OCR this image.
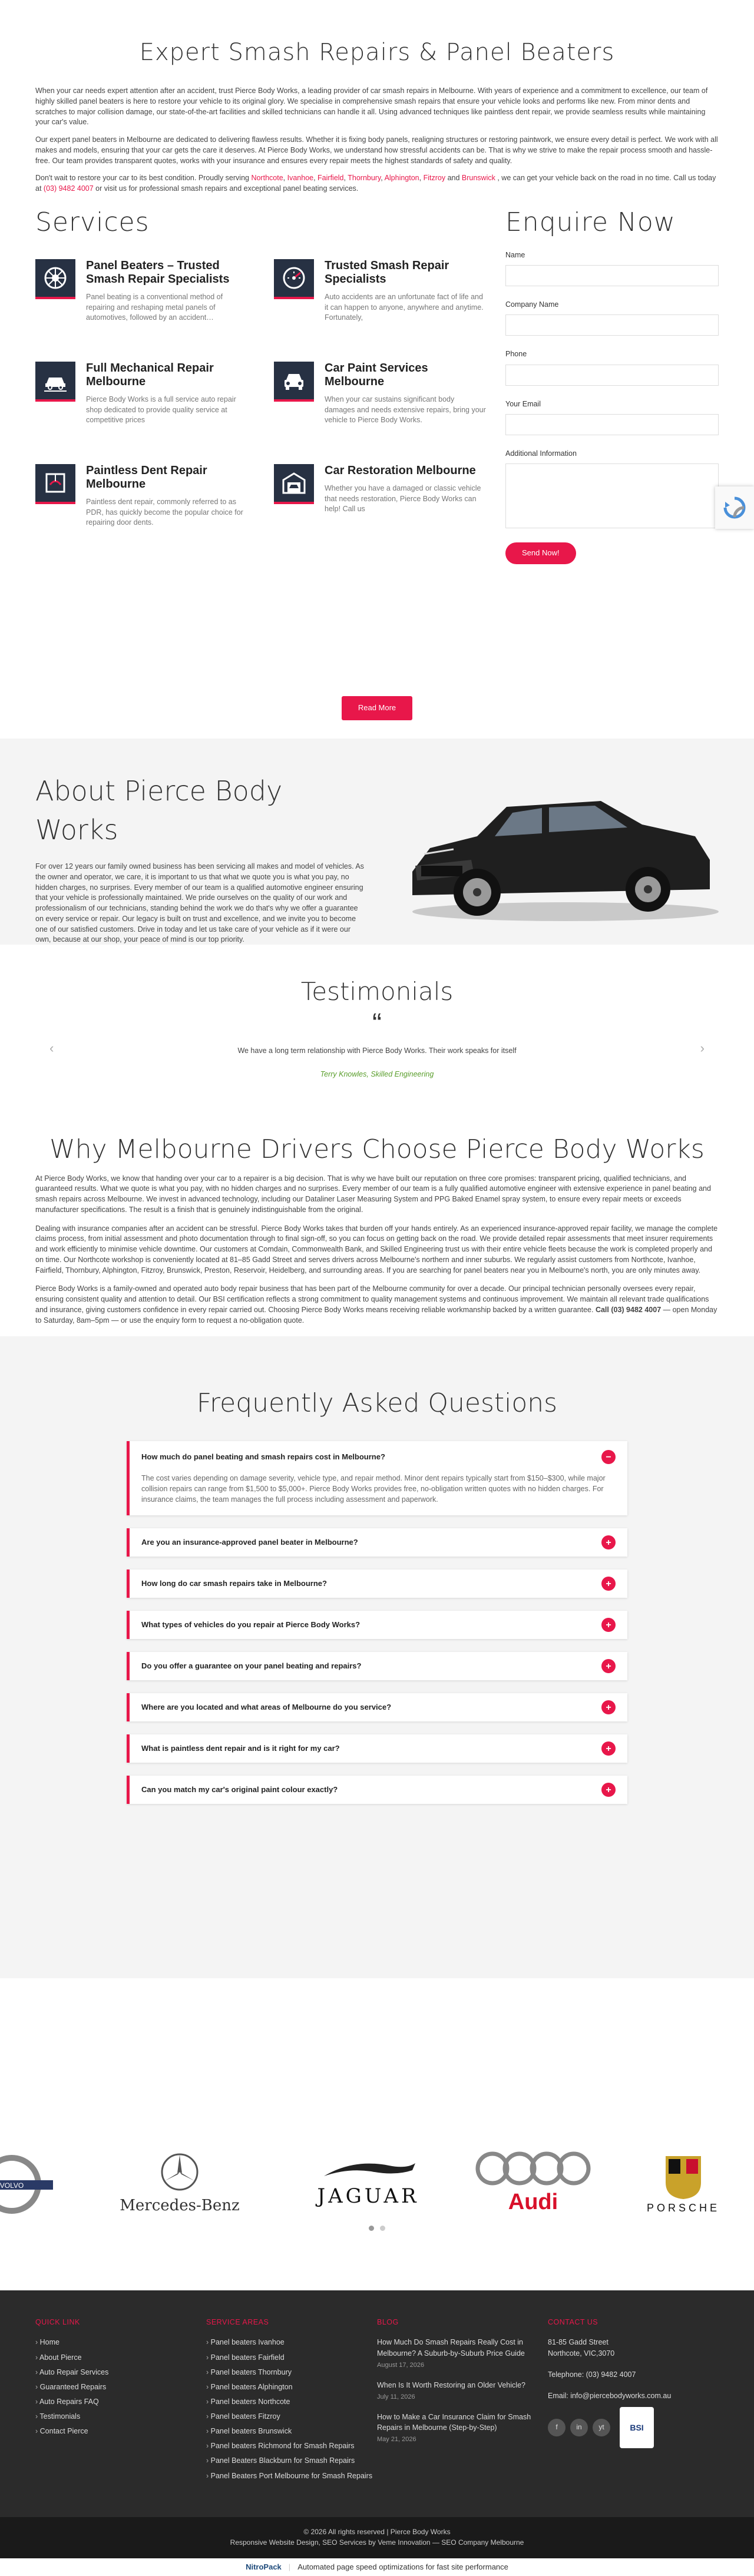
Expert Smash Repairs & Panel Beaters

When your car needs expert attention after an accident, trust Pierce Body Works, a leading provider of car smash repairs in Melbourne. With years of experience and a commitment to excellence, our team of highly skilled panel beaters is here to restore your vehicle to its original glory. We specialise in comprehensive smash repairs that ensure your vehicle looks and performs like new. From minor dents and scratches to major collision damage, our state-of-the-art facilities and skilled technicians can handle it all. Using advanced techniques like paintless dent repair, we provide seamless results while maintaining your car's value.

Our expert panel beaters in Melbourne are dedicated to delivering flawless results. Whether it is fixing body panels, realigning structures or restoring paintwork, we ensure every detail is perfect. We work with all makes and models, ensuring that your car gets the care it deserves. At Pierce Body Works, we understand how stressful accidents can be. That is why we strive to make the repair process smooth and hassle-free. Our team provides transparent quotes, works with your insurance and ensures every repair meets the highest standards of safety and quality.

Don't wait to restore your car to its best condition. Proudly serving Northcote, Ivanhoe, Fairfield, Thornbury, Alphington, Fitzroy and Brunswick , we can get your vehicle back on the road in no time. Call us today at (03) 9482 4007 or visit us for professional smash repairs and exceptional panel beating services.

Services
Panel Beaters – Trusted Smash Repair Specialists

Panel beating is a conventional method of repairing and reshaping metal panels of automotives, followed by an accident…

Trusted Smash Repair Specialists

Auto accidents are an unfortunate fact of life and it can happen to anyone, anywhere and anytime. Fortunately,

Full Mechanical Repair Melbourne

Pierce Body Works is a full service auto repair shop dedicated to provide quality service at competitive prices

Car Paint Services Melbourne

When your car sustains significant body damages and needs extensive repairs, bring your vehicle to Pierce Body Works.

Paintless Dent Repair Melbourne

Paintless dent repair, commonly referred to as PDR, has quickly become the popular choice for repairing door dents.

Car Restoration Melbourne

Whether you have a damaged or classic vehicle that needs restoration, Pierce Body Works can help! Call us

Enquire Now
Name
Company Name
Phone
Your Email
Additional Information
Send Now!
Read More
About Pierce Body Works

For over 12 years our family owned business has been servicing all makes and model of vehicles. As the owner and operator, we care, it is important to us that what we quote you is what you pay, no hidden charges, no surprises. Every member of our team is a qualified automotive engineer ensuring that your vehicle is professionally maintained. We pride ourselves on the quality of our work and professionalism of our technicians, standing behind the work we do that's why we offer a guarantee on every service or repair. Our legacy is built on trust and excellence, and we invite you to become one of our satisfied customers. Drive in today and let us take care of your vehicle as if it were our own, because at our shop, your peace of mind is our top priority.

Testimonials
“

We have a long term relationship with Pierce Body Works. Their work speaks for itself

Terry Knowles, Skilled Engineering

‹	›
Why Melbourne Drivers Choose Pierce Body Works

At Pierce Body Works, we know that handing over your car to a repairer is a big decision. That is why we have built our reputation on three core promises: transparent pricing, qualified technicians, and guaranteed results. What we quote is what you pay, with no hidden charges and no surprises. Every member of our team is a fully qualified automotive engineer with extensive experience in panel beating and smash repairs across Melbourne. We invest in advanced technology, including our Dataliner Laser Measuring System and PPG Baked Enamel spray system, to ensure every repair meets or exceeds manufacturer specifications. The result is a finish that is genuinely indistinguishable from the original.

Dealing with insurance companies after an accident can be stressful. Pierce Body Works takes that burden off your hands entirely. As an experienced insurance-approved repair facility, we manage the complete claims process, from initial assessment and photo documentation through to final sign-off, so you can focus on getting back on the road. We provide detailed repair assessments that meet insurer requirements and work efficiently to minimise vehicle downtime. Our customers at Comdain, Commonwealth Bank, and Skilled Engineering trust us with their entire vehicle fleets because the work is completed properly and on time. Our Northcote workshop is conveniently located at 81–85 Gadd Street and serves drivers across Melbourne's northern and inner suburbs. We regularly assist customers from Northcote, Ivanhoe, Fairfield, Thornbury, Alphington, Fitzroy, Brunswick, Preston, Reservoir, Heidelberg, and surrounding areas. If you are searching for panel beaters near you in Melbourne's north, you are only minutes away.

Pierce Body Works is a family-owned and operated auto body repair business that has been part of the Melbourne community for over a decade. Our principal technician personally oversees every repair, ensuring consistent quality and attention to detail. Our BSI certification reflects a strong commitment to quality management systems and continuous improvement. We maintain all relevant trade qualifications and insurance, giving customers confidence in every repair carried out. Choosing Pierce Body Works means receiving reliable workmanship backed by a written guarantee. Call (03) 9482 4007 — open Monday to Saturday, 8am–5pm — or use the enquiry form to request a no-obligation quote.

Frequently Asked Questions
How much do panel beating and smash repairs cost in Melbourne?	−
The cost varies depending on damage severity, vehicle type, and repair method. Minor dent repairs typically start from $150–$300, while major collision repairs can range from $1,500 to $5,000+. Pierce Body Works provides free, no-obligation written quotes with no hidden charges. For insurance claims, the team manages the full process including assessment and paperwork.
Are you an insurance-approved panel beater in Melbourne?	+
How long do car smash repairs take in Melbourne?	+
What types of vehicles do you repair at Pierce Body Works?	+
Do you offer a guarantee on your panel beating and repairs?	+
Where are you located and what areas of Melbourne do you service?	+
What is paintless dent repair and is it right for my car?	+
Can you match my car's original paint colour exactly?	+
VOLVO
Mercedes-Benz	JAGUAR	Audi	PORSCHE
QUICK LINK
› Home
› About Pierce
› Auto Repair Services
› Guaranteed Repairs
› Auto Repairs FAQ
› Testimonials
› Contact Pierce
SERVICE AREAS
› Panel beaters Ivanhoe
› Panel beaters Fairfield
› Panel beaters Thornbury
› Panel beaters Alphington
› Panel beaters Northcote
› Panel beaters Fitzroy
› Panel beaters Brunswick
› Panel beaters Richmond for Smash Repairs
› Panel Beaters Blackburn for Smash Repairs
› Panel Beaters Port Melbourne for Smash Repairs
BLOG
How Much Do Smash Repairs Really Cost in Melbourne? A Suburb-by-Suburb Price Guide
August 17, 2026
When Is It Worth Restoring an Older Vehicle?
July 11, 2026
How to Make a Car Insurance Claim for Smash Repairs in Melbourne (Step-by-Step)
May 21, 2026
CONTACT US

81-85 Gadd Street

Northcote, VIC,3070

Telephone: (03) 9482 4007

Email: info@piercebodyworks.com.au

f	in	yt	BSI
© 2026 All rights reserved | Pierce Body Works
Responsive Website Design, SEO Services by Veme Innovation — SEO Company Melbourne
NitroPack | Automated page speed optimizations for fast site performance
